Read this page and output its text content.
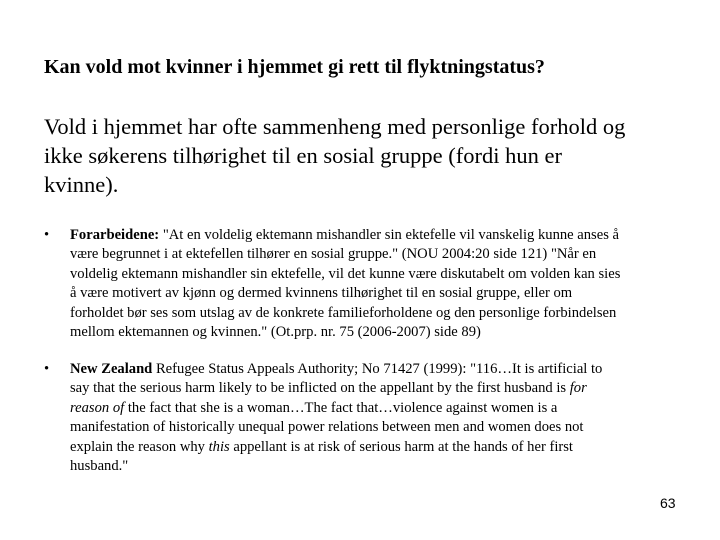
Kan vold mot kvinner i hjemmet gi rett til flyktningstatus?
Vold i hjemmet har ofte sammenheng med personlige forhold og
ikke søkerens tilhørighet til en sosial gruppe (fordi hun er
kvinne).
• Forarbeidene: "At en voldelig ektemann mishandler sin ektefelle vil vanskelig kunne anses å
være begrunnet i at ektefellen tilhører en sosial gruppe." (NOU 2004:20 side 121) "Når en
voldelig ektemann mishandler sin ektefelle, vil det kunne være diskutabelt om volden kan sies
å være motivert av kjønn og dermed kvinnens tilhørighet til en sosial gruppe, eller om
forholdet bør ses som utslag av de konkrete familieforholdene og den personlige forbindelsen
mellom ektemannen og kvinnen." (Ot.prp. nr. 75 (2006-2007) side 89)
• New Zealand Refugee Status Appeals Authority; No 71427 (1999): "116…It is artificial to
say that the serious harm likely to be inflicted on the appellant by the first husband is for
reason of the fact that she is a woman…The fact that…violence against women is a
manifestation of historically unequal power relations between men and women does not
explain the reason why this appellant is at risk of serious harm at the hands of her first
husband."
63
